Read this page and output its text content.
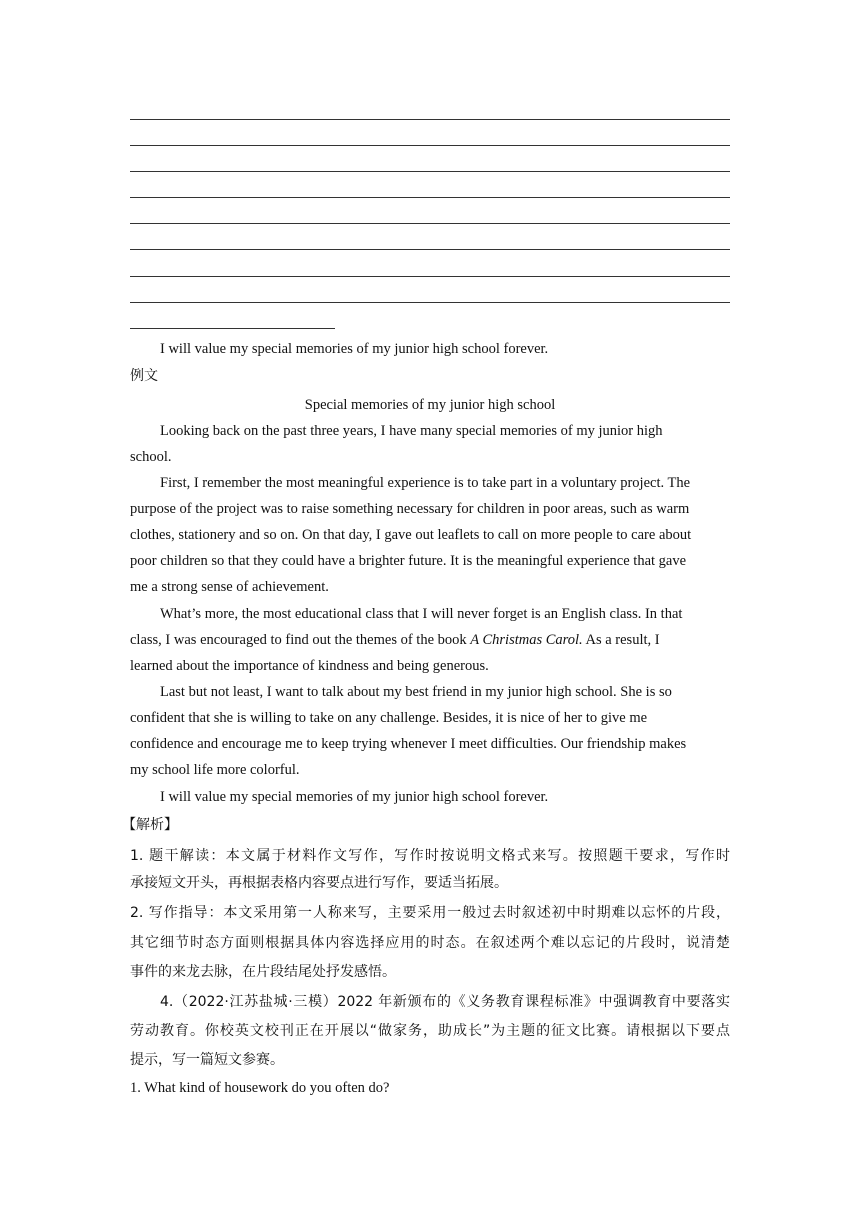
I will value my special memories of my junior high school forever.
例文
Special memories of my junior high school
Looking back on the past three years, I have many special memories of my junior high
school.
First, I remember the most meaningful experience is to take part in a voluntary project. The
purpose of the project was to raise something necessary for children in poor areas, such as warm
clothes, stationery and so on. On that day, I gave out leaflets to call on more people to care about
poor children so that they could have a brighter future. It is the meaningful experience that gave
me a strong sense of achievement.
What’s more, the most educational class that I will never forget is an English class. In that
class, I was encouraged to find out the themes of the book A Christmas Carol. As a result, I
learned about the importance of kindness and being generous.
Last but not least, I want to talk about my best friend in my junior high school. She is so
confident that she is willing to take on any challenge. Besides, it is nice of her to give me
confidence and encourage me to keep trying whenever I meet difficulties. Our friendship makes
my school life more colorful.
I will value my special memories of my junior high school forever.
【解析】
1. 题干解读：本文属于材料作文写作，写作时按说明文格式来写。按照题干要求，写作时
承接短文开头，再根据表格内容要点进行写作，要适当拓展。
2. 写作指导：本文采用第一人称来写，主要采用一般过去时叙述初中时期难以忘怀的片段，
其它细节时态方面则根据具体内容选择应用的时态。在叙述两个难以忘记的片段时，说清楚
事件的来龙去脉，在片段结尾处抒发感悟。
4.（2022·江苏盐城·三模）2022 年新颁布的《义务教育课程标准》中强调教育中要落实
劳动教育。你校英文校刊正在开展以“做家务，助成长”为主题的征文比赛。请根据以下要点
提示，写一篇短文参赛。
1. What kind of housework do you often do?
